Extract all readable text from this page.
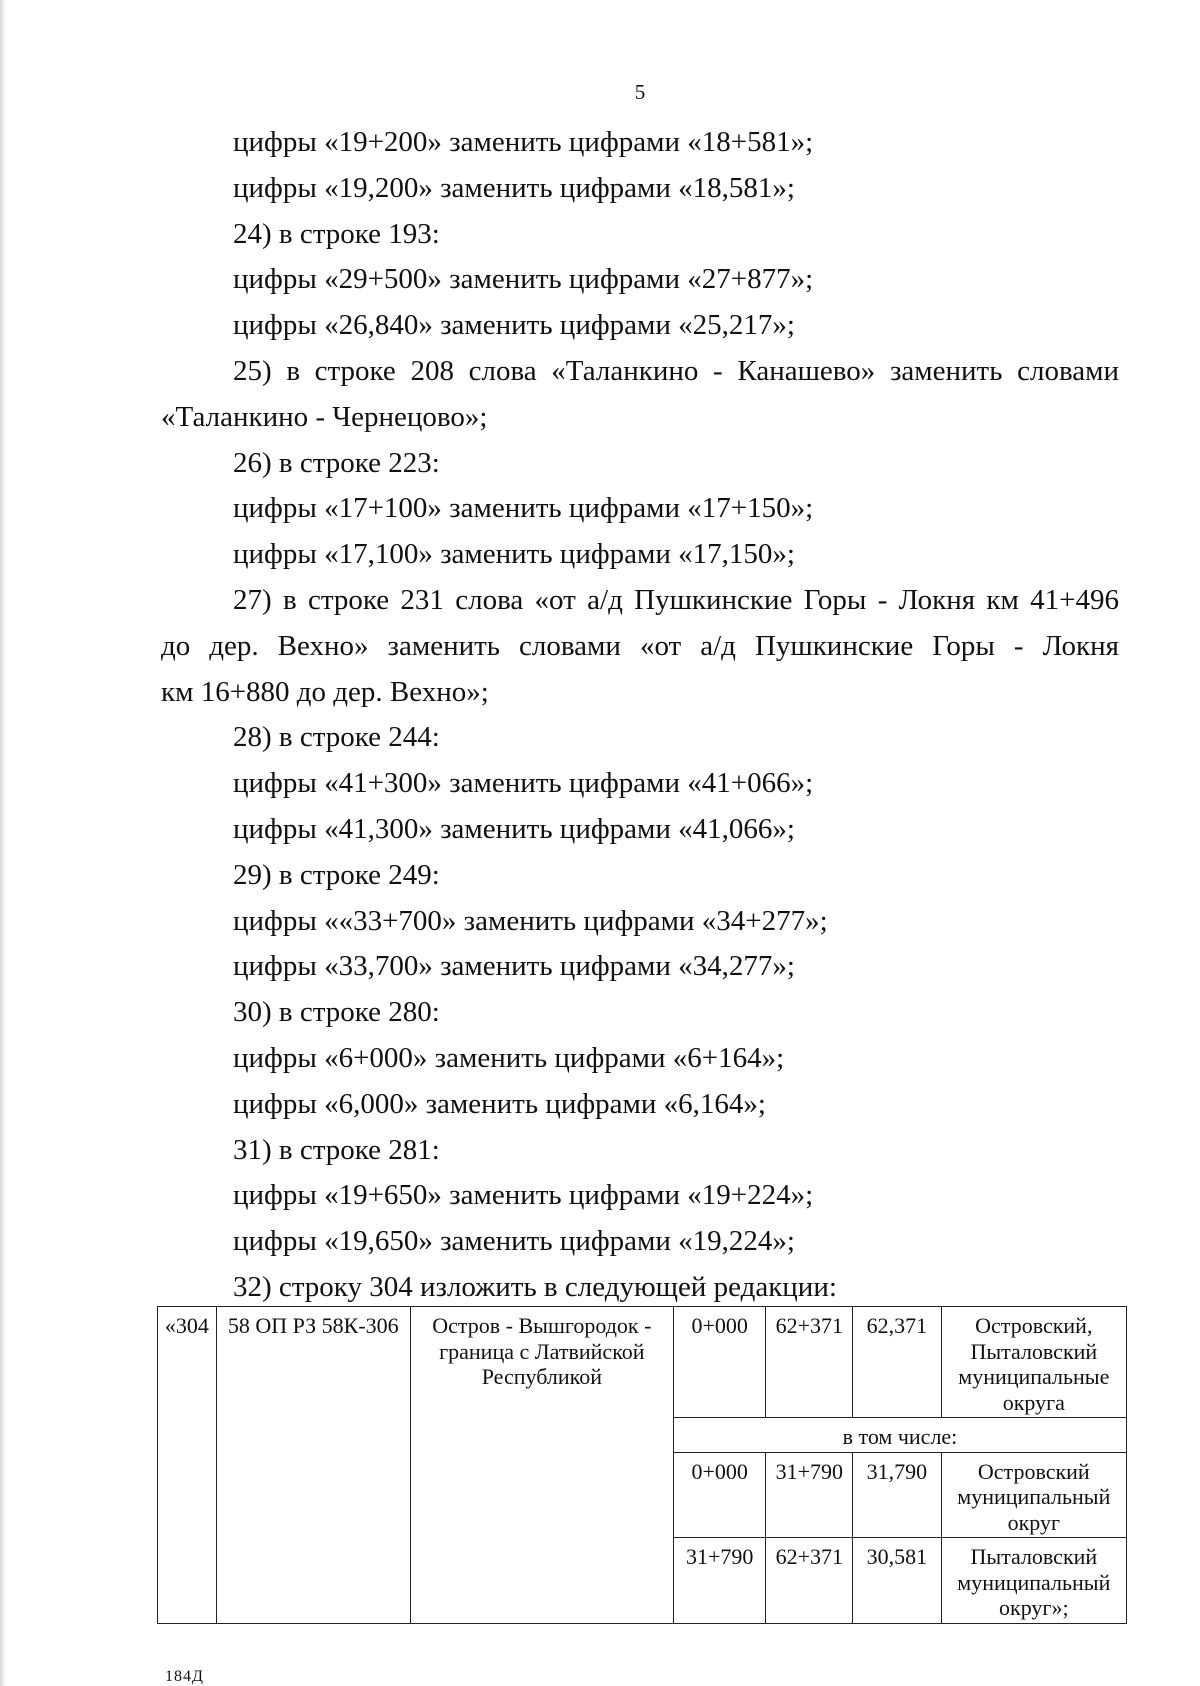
5

цифры «19+200» заменить цифрами «18+581»;

цифры «19,200» заменить цифрами «18,581»;

24) в строке 193:

цифры «29+500» заменить цифрами «27+877»;

цифры «26,840» заменить цифрами «25,217»;

25) в строке 208 слова «Таланкино - Канашево» заменить словами

«Таланкино - Чернецово»;

26) в строке 223:

цифры «17+100» заменить цифрами «17+150»;

цифры «17,100» заменить цифрами «17,150»;

27) в строке 231 слова «от а/д Пушкинские Горы - Локня км 41+496

до дер. Вехно» заменить словами «от а/д Пушкинские Горы - Локня

км 16+880 до дер. Вехно»;

28) в строке 244:

цифры «41+300» заменить цифрами «41+066»;

цифры «41,300» заменить цифрами «41,066»;

29) в строке 249:

цифры ««33+700» заменить цифрами «34+277»;

цифры «33,700» заменить цифрами «34,277»;

30) в строке 280:

цифры «6+000» заменить цифрами «6+164»;

цифры «6,000» заменить цифрами «6,164»;

31) в строке 281:

цифры «19+650» заменить цифрами «19+224»;

цифры «19,650» заменить цифрами «19,224»;

32) строку 304 изложить в следующей редакции:

«304	58 ОП РЗ 58К-306	Остров - Вышгородок - граница с Латвийской Республикой	0+000	62+371	62,371	Островский, Пыталовский муниципальные округа
			в том числе:			
			0+000	31+790	31,790	Островский муниципальный округ
			31+790	62+371	30,581	Пыталовский муниципальный округ»;
184Д
